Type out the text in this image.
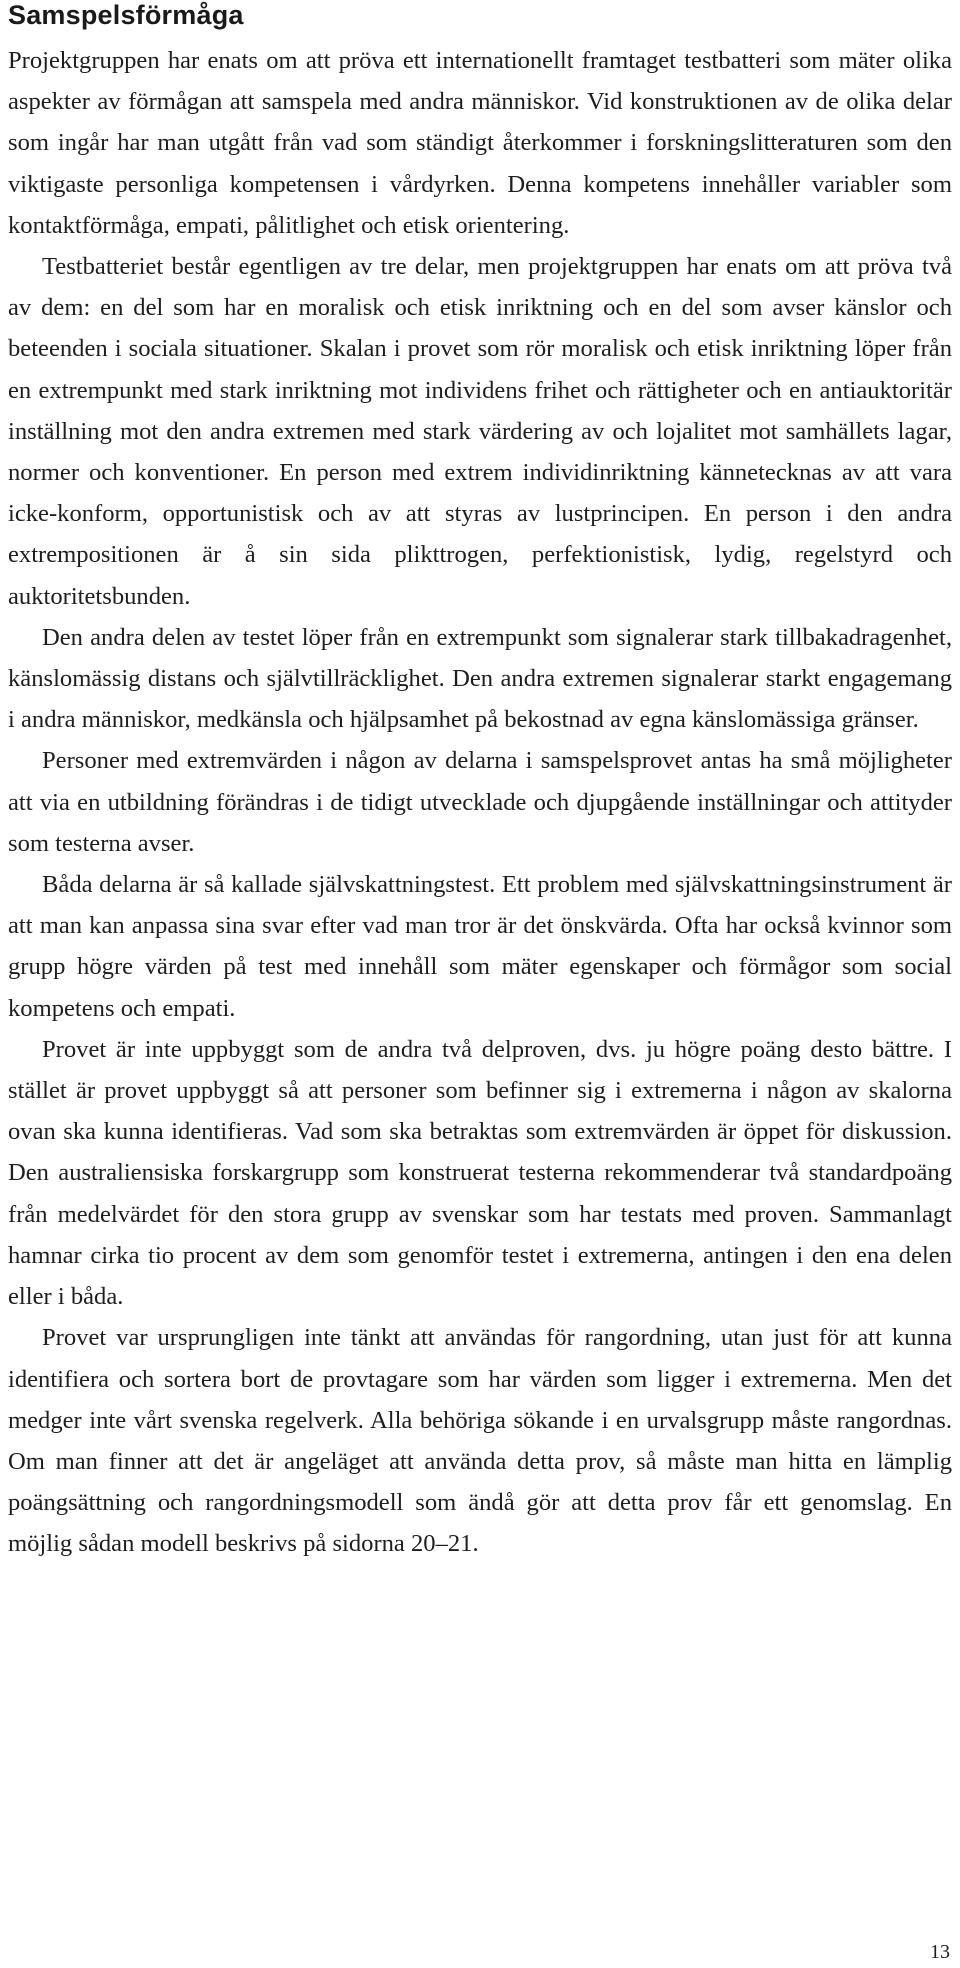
Samspelsförmåga

Projektgruppen har enats om att pröva ett internationellt framtaget testbatteri som mäter olika aspekter av förmågan att samspela med andra människor. Vid konstruktionen av de olika delar som ingår har man utgått från vad som ständigt återkommer i forskningslitteraturen som den viktigaste personliga kompetensen i vårdyrken. Denna kompetens innehåller variabler som kontaktförmåga, empati, pålitlighet och etisk orientering.

Testbatteriet består egentligen av tre delar, men projektgruppen har enats om att pröva två av dem: en del som har en moralisk och etisk inriktning och en del som avser känslor och beteenden i sociala situationer. Skalan i provet som rör moralisk och etisk inriktning löper från en extrempunkt med stark inriktning mot individens frihet och rättigheter och en antiauktoritär inställning mot den andra extremen med stark värdering av och lojalitet mot samhällets lagar, normer och konventioner. En person med extrem individinriktning kännetecknas av att vara icke-konform, opportunistisk och av att styras av lustprincipen. En person i den andra extrempositionen är å sin sida plikttrogen, perfektionistisk, lydig, regelstyrd och auktoritetsbunden.

Den andra delen av testet löper från en extrempunkt som signalerar stark tillbakadragenhet, känslomässig distans och självtillräcklighet. Den andra extremen signalerar starkt engagemang i andra människor, medkänsla och hjälpsamhet på bekostnad av egna känslomässiga gränser.

Personer med extremvärden i någon av delarna i samspelsprovet antas ha små möjligheter att via en utbildning förändras i de tidigt utvecklade och djupgående inställningar och attityder som testerna avser.

Båda delarna är så kallade självskattningstest. Ett problem med självskattningsinstrument är att man kan anpassa sina svar efter vad man tror är det önskvärda. Ofta har också kvinnor som grupp högre värden på test med innehåll som mäter egenskaper och förmågor som social kompetens och empati.

Provet är inte uppbyggt som de andra två delproven, dvs. ju högre poäng desto bättre. I stället är provet uppbyggt så att personer som befinner sig i extremerna i någon av skalorna ovan ska kunna identifieras. Vad som ska betraktas som extremvärden är öppet för diskussion. Den australiensiska forskargrupp som konstruerat testerna rekommenderar två standardpoäng från medelvärdet för den stora grupp av svenskar som har testats med proven. Sammanlagt hamnar cirka tio procent av dem som genomför testet i extremerna, antingen i den ena delen eller i båda.

Provet var ursprungligen inte tänkt att användas för rangordning, utan just för att kunna identifiera och sortera bort de provtagare som har värden som ligger i extremerna. Men det medger inte vårt svenska regelverk. Alla behöriga sökande i en urvalsgrupp måste rangordnas. Om man finner att det är angeläget att använda detta prov, så måste man hitta en lämplig poängsättning och rangordningsmodell som ändå gör att detta prov får ett genomslag. En möjlig sådan modell beskrivs på sidorna 20–21.

13
